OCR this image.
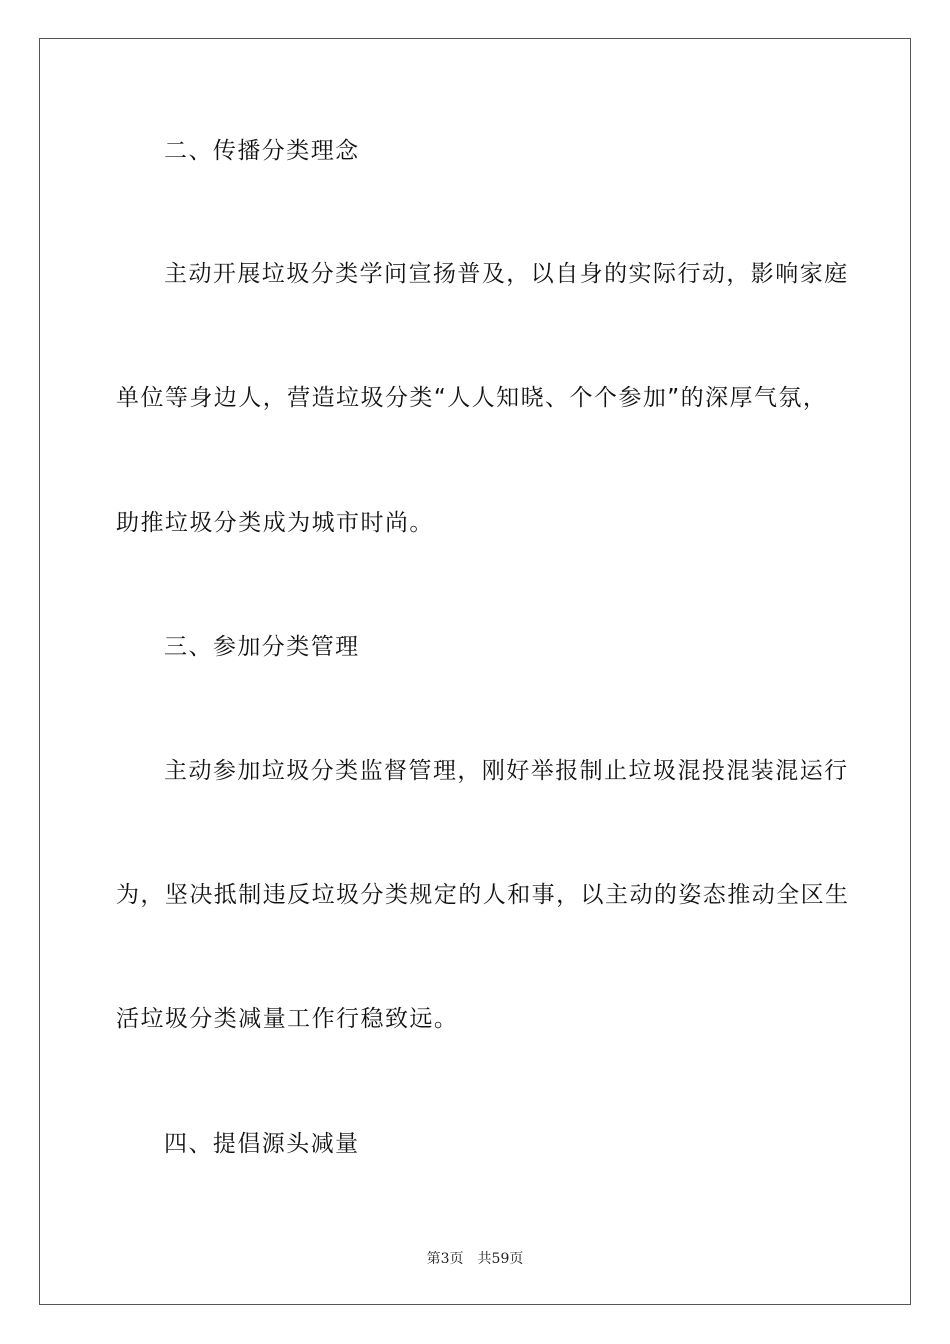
二、传播分类理念
主动开展垃圾分类学问宣扬普及，以自身的实际行动，影响家庭
单位等身边人，营造垃圾分类“人人知晓、个个参加”的深厚气氛，
助推垃圾分类成为城市时尚。
三、参加分类管理
主动参加垃圾分类监督管理，刚好举报制止垃圾混投混装混运行
为，坚决抵制违反垃圾分类规定的人和事，以主动的姿态推动全区生
活垃圾分类减量工作行稳致远。
四、提倡源头减量
第3页 共59页
